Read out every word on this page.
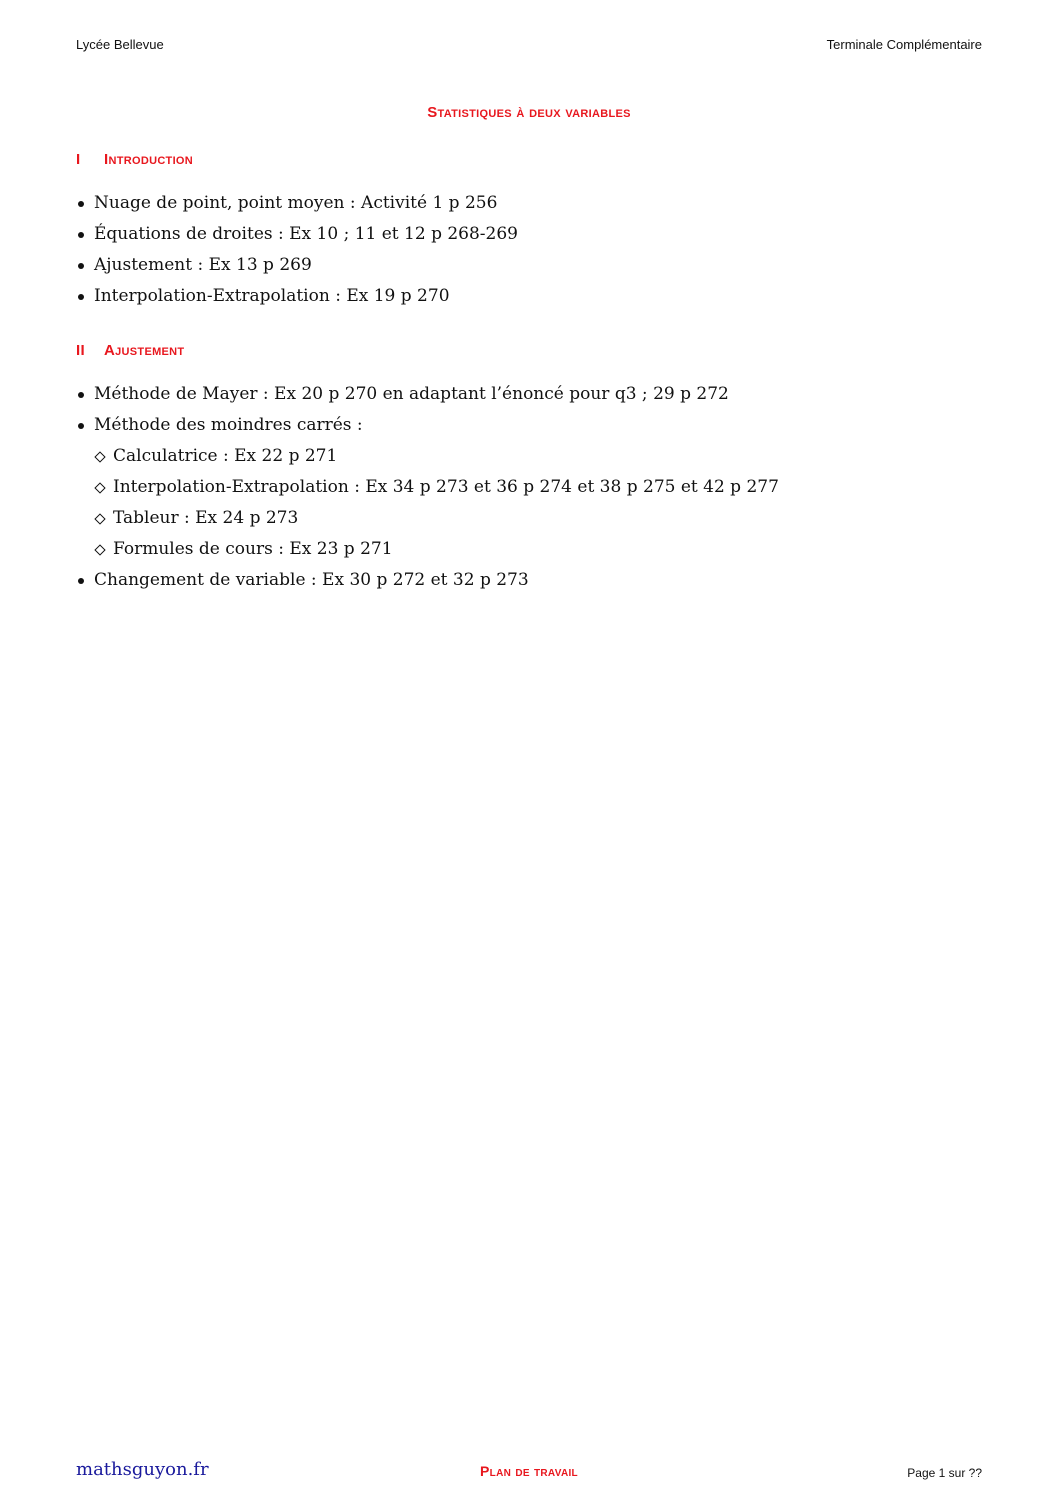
Lycée Bellevue	Terminale Complémentaire
Statistiques à deux variables
I Introduction
Nuage de point, point moyen : Activité 1 p 256
Équations de droites : Ex 10 ; 11 et 12 p 268-269
Ajustement : Ex 13 p 269
Interpolation-Extrapolation : Ex 19 p 270
II Ajustement
Méthode de Mayer : Ex 20 p 270 en adaptant l’énoncé pour q3 ; 29 p 272
Méthode des moindres carrés :
Calculatrice : Ex 22 p 271
Interpolation-Extrapolation : Ex 34 p 273 et 36 p 274 et 38 p 275 et 42 p 277
Tableur : Ex 24 p 273
Formules de cours : Ex 23 p 271
Changement de variable : Ex 30 p 272 et 32 p 273
mathsguyon.fr	Plan de travail	Page 1 sur ??
